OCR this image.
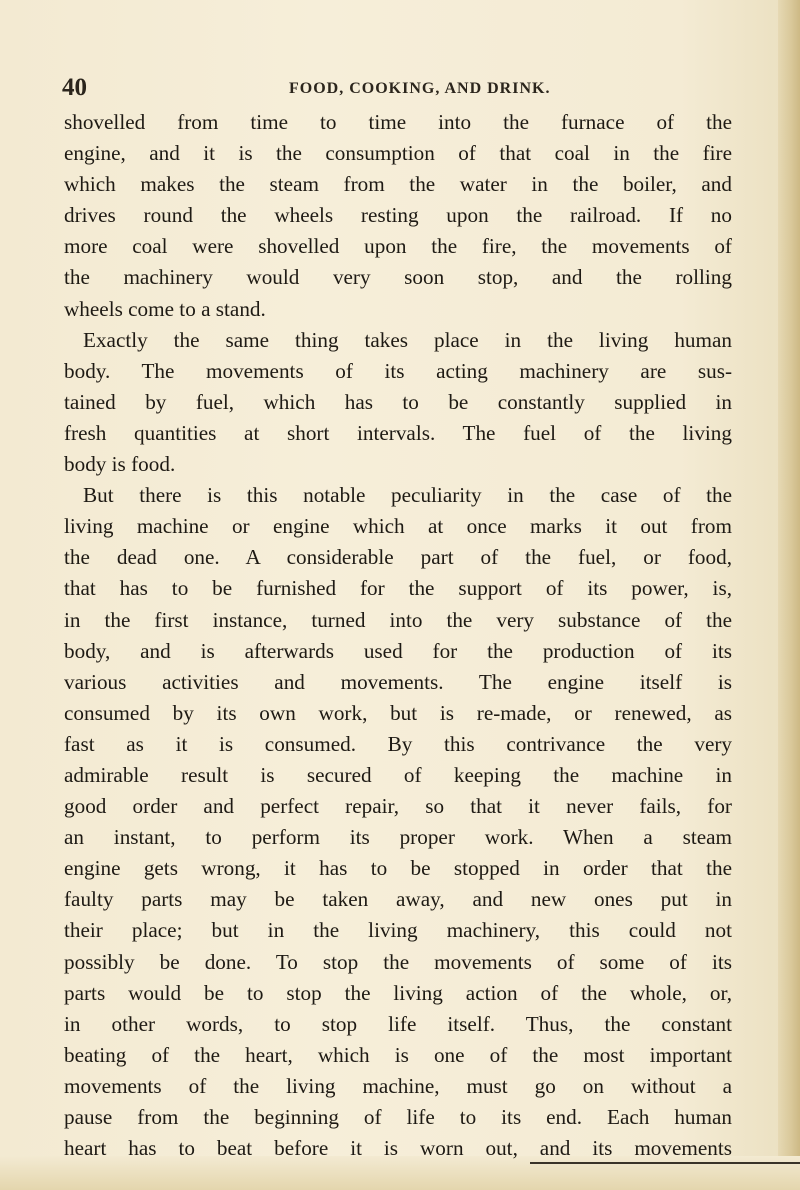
40	FOOD, COOKING, AND DRINK.
shovelled from time to time into the furnace of the
engine, and it is the consumption of that coal in the fire
which makes the steam from the water in the boiler, and
drives round the wheels resting upon the railroad. If no
more coal were shovelled upon the fire, the movements of
the machinery would very soon stop, and the rolling
wheels come to a stand.
Exactly the same thing takes place in the living human
body. The movements of its acting machinery are sus-
tained by fuel, which has to be constantly supplied in
fresh quantities at short intervals. The fuel of the living
body is food.
But there is this notable peculiarity in the case of the
living machine or engine which at once marks it out from
the dead one. A considerable part of the fuel, or food,
that has to be furnished for the support of its power, is,
in the first instance, turned into the very substance of the
body, and is afterwards used for the production of its
various activities and movements. The engine itself is
consumed by its own work, but is re-made, or renewed, as
fast as it is consumed. By this contrivance the very
admirable result is secured of keeping the machine in
good order and perfect repair, so that it never fails, for
an instant, to perform its proper work. When a steam
engine gets wrong, it has to be stopped in order that the
faulty parts may be taken away, and new ones put in
their place; but in the living machinery, this could not
possibly be done. To stop the movements of some of its
parts would be to stop the living action of the whole, or,
in other words, to stop life itself. Thus, the constant
beating of the heart, which is one of the most important
movements of the living machine, must go on without a
pause from the beginning of life to its end. Each human
heart has to beat before it is worn out, and its movements
